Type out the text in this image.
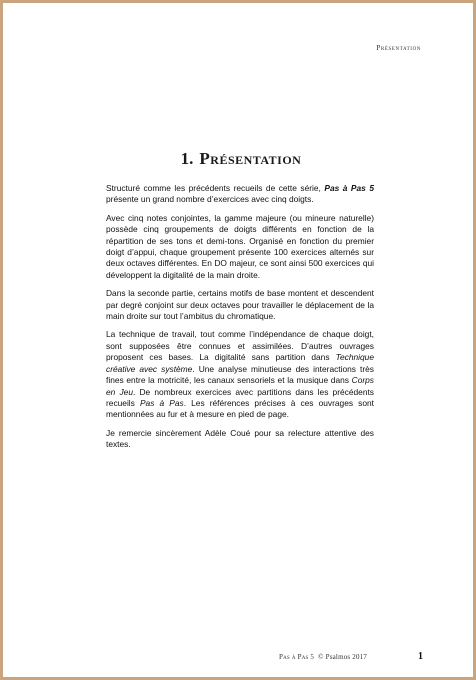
Présentation
1. Présentation

Structuré comme les précédents recueils de cette série, Pas à Pas 5 présente un grand nombre d’exercices avec cinq doigts.

Avec cinq notes conjointes, la gamme majeure (ou mineure naturelle) possède cinq groupements de doigts différents en fonction de la répartition de ses tons et demi-tons. Organisé en fonction du premier doigt d’appui, chaque groupement présente 100 exercices alternés sur deux octaves différentes. En DO majeur, ce sont ainsi 500 exercices qui développent la digitalité de la main droite.

Dans la seconde partie, certains motifs de base montent et descendent par degré conjoint sur deux octaves pour travailler le déplacement de la main droite sur tout l’ambitus du chromatique.

La technique de travail, tout comme l’indépendance de chaque doigt, sont supposées être connues et assimilées. D’autres ouvrages proposent ces bases. La digitalité sans partition dans Technique créative avec système. Une analyse minutieuse des interactions très fines entre la motricité, les canaux sensoriels et la musique dans Corps en Jeu. De nombreux exercices avec partitions dans les précédents recueils Pas à Pas. Les références précises à ces ouvrages sont mentionnées au fur et à mesure en pied de page.

Je remercie sincèrement Adèle Coué pour sa relecture attentive des textes.

Pas à Pas 5 © Psalmos 2017	1
